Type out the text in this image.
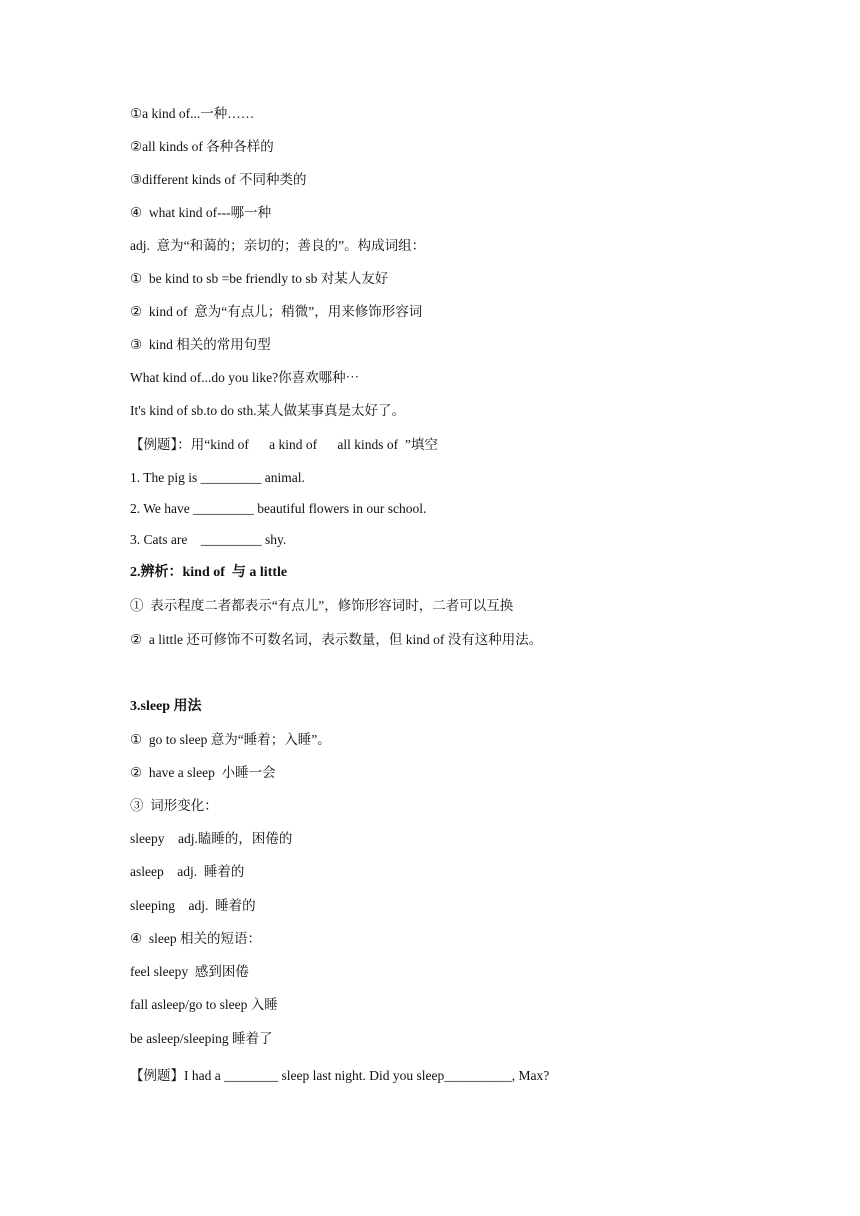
①a kind of...一种……
②all kinds of 各种各样的
③different kinds of 不同种类的
④  what kind of---哪一种
adj.  意为“和蔼的；亲切的；善良的”。构成词组：
①  be kind to sb =be friendly to sb 对某人友好
②  kind of  意为“有点儿；稍微”，用来修饰形容词
③  kind 相关的常用句型
What kind of...do you like?你喜欢哪种⋯
It's kind of sb.to do sth.某人做某事真是太好了。
【例题】：用“kind of      a kind of      all kinds of  ”填空
1. The pig is _________ animal.
2. We have _________ beautiful flowers in our school.
3. Cats are    _________ shy.
2.辨析：kind of  与 a little
①  表示程度二者都表示“有点儿”，修饰形容词时，二者可以互换
②  a little 还可修饰不可数名词，表示数量，但 kind of 没有这种用法。
3.sleep 用法
①  go to sleep 意为“睡着；入睡”。
②  have a sleep  小睡一会
③  词形变化：
sleepy    adj.瞌睡的，困倦的
asleep    adj.  睡着的
sleeping    adj.  睡着的
④  sleep 相关的短语：
feel sleepy  感到困倦
fall asleep/go to sleep 入睡
be asleep/sleeping 睡着了
【例题】I had a ________ sleep last night. Did you sleep__________, Max?
